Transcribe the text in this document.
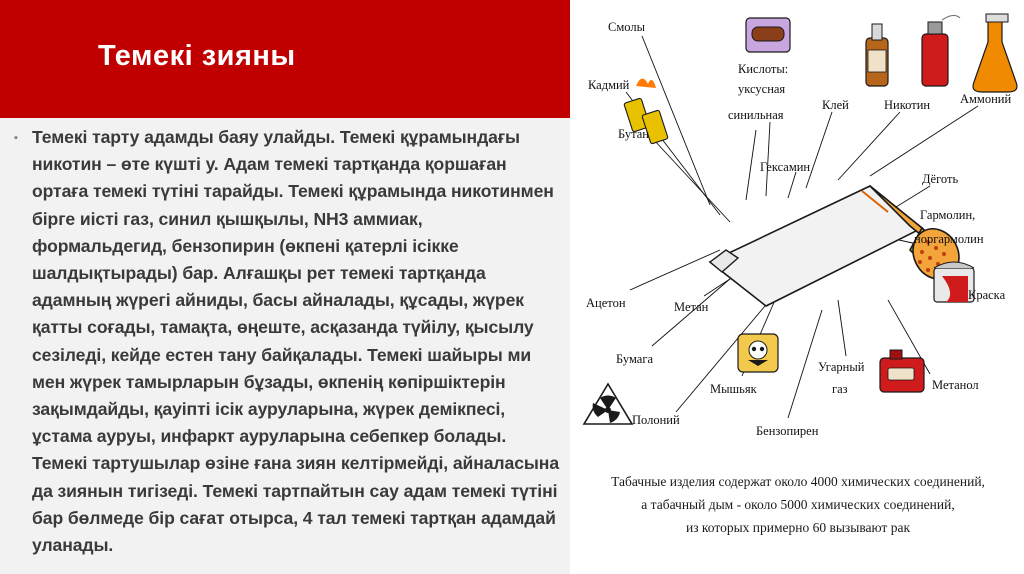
Темекі зияны
▪ Темекі тарту адамды баяу улайды. Темекі құрамындағы никотин – өте күшті у. Адам темекі тартқанда қоршаған ортаға темекі түтіні тарайды. Темекі құрамында никотинмен бірге иісті газ, синил қышқылы, NH3 аммиак, формальдегид, бензопирин (өкпені қатерлі ісікке шалдықтырады) бар. Алғашқы рет темекі тартқанда адамның жүрегі айниды, басы айналады, құсады, жүрек қатты соғады, тамақта, өңеште, асқазанда түйілу, қысылу сезіледі, кейде естен тану байқалады. Темекі шайыры ми мен жүрек тамырларын бұзады, өкпенің көпіршіктерін зақымдайды, қауіпті ісік ауруларына, жүрек демікпесі, ұстама ауруы, инфаркт ауруларына себепкер болады. Темекі тартушылар өзіне ғана зиян келтірмейді, айналасына да зиянын тигізеді. Темекі тартпайтын сау адам темекі түтіні бар бөлмеде бір сағат отырса, 4 тал темекі тартқан адамдай уланады.
Смолы
Кадмий
Кислоты:
уксусная
синильная
Бутан
Клей	Никотин Аммоний
Гексамин
Дёготь
Гармолин,
норгармолин
Краска
Ацетон	Метан
Бумага
Мышьяк
Угарный
газ	Метанол
Полоний
Бензопирен
Табачные изделия содержат около 4000 химических соединений,
а табачный дым - около 5000 химических соединений,
из которых примерно 60 вызывают рак
